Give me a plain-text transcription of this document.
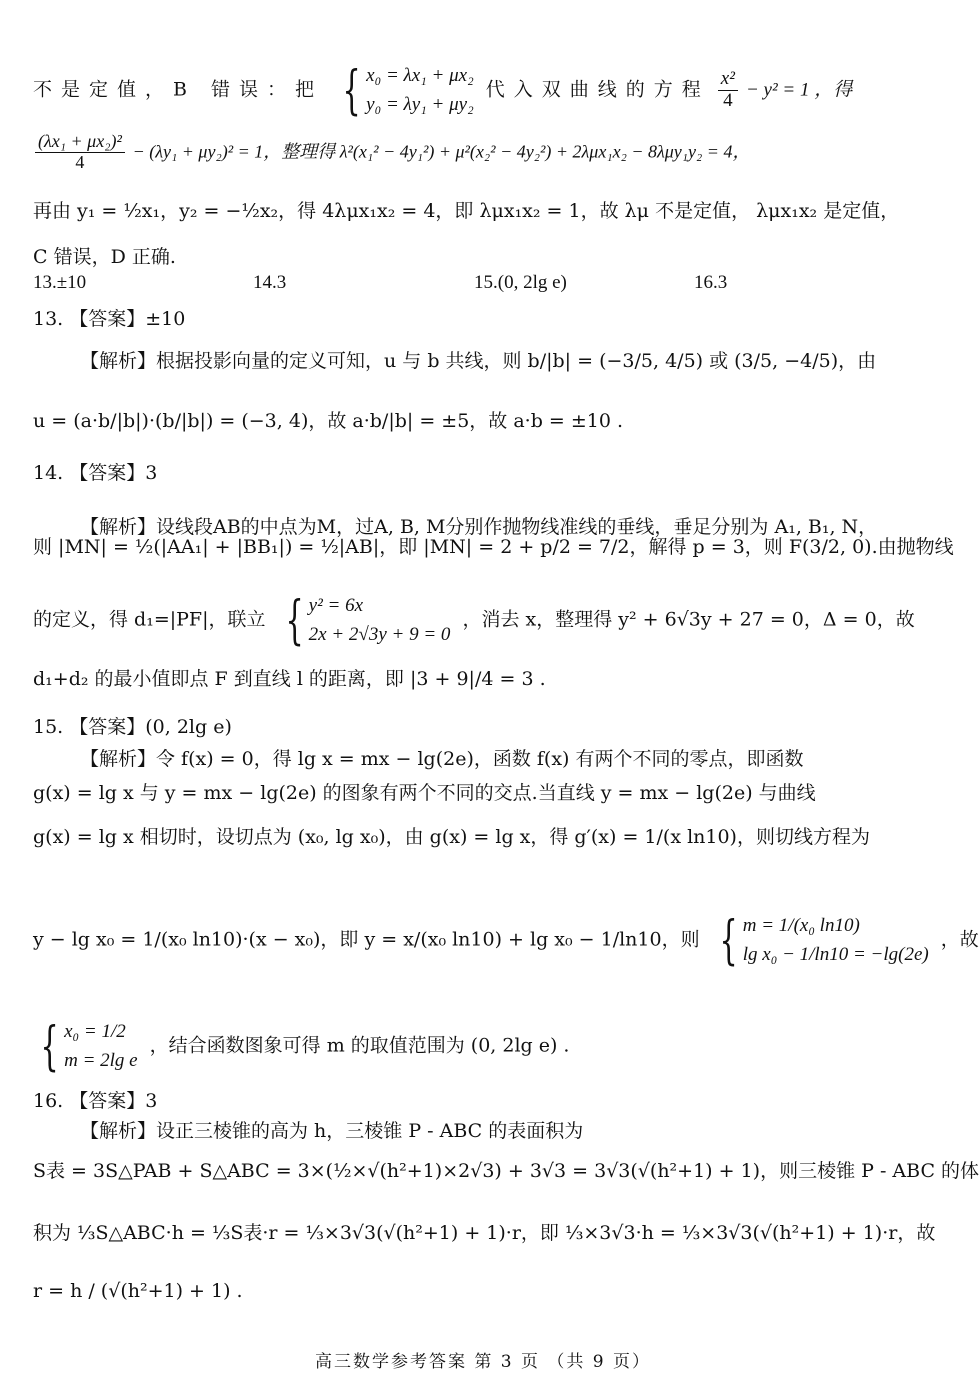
不是定值，B 错误：把 { x₀ = λx₁ + μx₂
y₀ = λy₁ + μy₂
代入双曲线的方程 $\frac{\text{x²}}{4} - y^2 = 1$ ，得
$\frac{\text{(λx₁ + μx₂)²}}{4} - (\lambda y_1 + \mu y_2)^2 = 1$，整理得 λ²(x₁² − 4y₁²) + μ²(x₂² − 4y₂²) + 2λμx₁x₂ − 8λμy₁y₂ = 4，
再由 y₁ = ½x₁，y₂ = −½x₂，得 4λμx₁x₂ = 4，即 λμx₁x₂ = 1，故 λμ 不是定值， λμx₁x₂ 是定值，
C 错误，D 正确.
13.±10	14.3	15.(0, 2lg e)	16.3
13. 【答案】±10
【解析】根据投影向量的定义可知，u 与 b 共线，则 b/|b| = (−3/5, 4/5) 或 (3/5, −4/5)，由
u = (a·b/|b|)·(b/|b|) = (−3, 4)，故 a·b/|b| = ±5，故 a·b = ±10 .
14. 【答案】3
【解析】设线段AB的中点为M，过A, B, M分别作抛物线准线的垂线，垂足分别为 A₁, B₁, N，
则 |MN| = ½(|AA₁| + |BB₁|) = ½|AB|，即 |MN| = 2 + p/2 = 7/2，解得 p = 3，则 F(3/2, 0).由抛物线
的定义，得 d₁=|PF|，联立 { y² = 6x
2x + 2√3y + 9 = 0
，消去 x，整理得 y² + 6√3y + 27 = 0，Δ = 0，故
d₁+d₂ 的最小值即点 F 到直线 l 的距离，即 |3 + 9|/4 = 3 .
15. 【答案】(0, 2lg e)
【解析】令 f(x) = 0，得 lg x = mx − lg(2e)，函数 f(x) 有两个不同的零点，即函数
g(x) = lg x 与 y = mx − lg(2e) 的图象有两个不同的交点.当直线 y = mx − lg(2e) 与曲线
g(x) = lg x 相切时，设切点为 (x₀, lg x₀)，由 g(x) = lg x，得 g′(x) = 1/(x ln10)，则切线方程为
y − lg x₀ = 1/(x₀ ln10)·(x − x₀)，即 y = x/(x₀ ln10) + lg x₀ − 1/ln10，则 { m = 1/(x₀ ln10)
lg x₀ − 1/ln10 = −lg(2e)
，故
{ x₀ = 1/2
m = 2lg e
，结合函数图象可得 m 的取值范围为 (0, 2lg e) .
16. 【答案】3
【解析】设正三棱锥的高为 h，三棱锥 P - ABC 的表面积为
S表 = 3S△PAB + S△ABC = 3×(½×√(h²+1)×2√3) + 3√3 = 3√3(√(h²+1) + 1)，则三棱锥 P - ABC 的体
积为 ⅓S△ABC·h = ⅓S表·r = ⅓×3√3(√(h²+1) + 1)·r，即 ⅓×3√3·h = ⅓×3√3(√(h²+1) + 1)·r，故
r = h / (√(h²+1) + 1) .
高三数学参考答案 第 3 页 （共 9 页）
